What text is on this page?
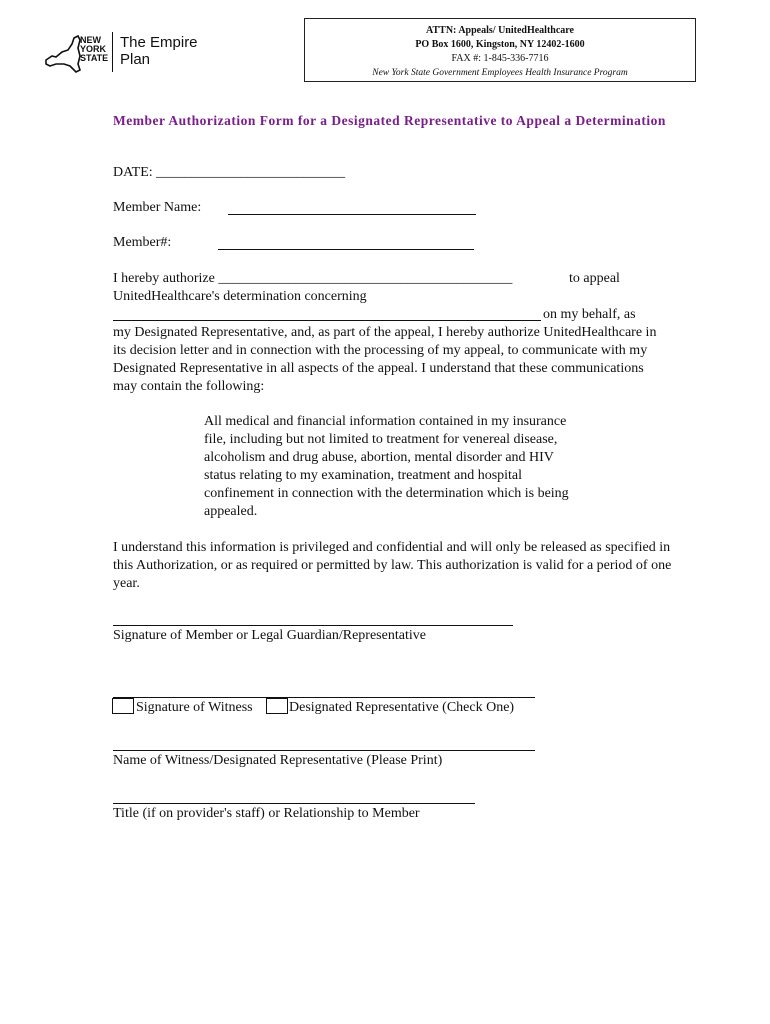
NEW
YORK
STATE
The Empire
Plan
ATTN: Appeals/ UnitedHealthcare
PO Box 1600, Kingston, NY 12402-1600
FAX #: 1-845-336-7716
New York State Government Employees Health Insurance Program
Member Authorization Form for a Designated Representative to Appeal a Determination
DATE: ___________________________
Member Name:
Member#:
I hereby authorize __________________________________________	to appeal
UnitedHealthcare's determination concerning
on my behalf, as
my Designated Representative, and, as part of the appeal, I hereby authorize UnitedHealthcare in its decision letter and in connection with the processing of my appeal, to communicate with my Designated Representative in all aspects of the appeal. I understand that these communications may contain the following:
All medical and financial information contained in my insurance file, including but not limited to treatment for venereal disease, alcoholism and drug abuse, abortion, mental disorder and HIV status relating to my examination, treatment and hospital confinement in connection with the determination which is being appealed.
I understand this information is privileged and confidential and will only be released as specified in this Authorization, or as required or permitted by law. This authorization is valid for a period of one year.
Signature of Member or Legal Guardian/Representative
Signature of Witness	Designated Representative (Check One)
Name of Witness/Designated Representative (Please Print)
Title (if on provider's staff) or Relationship to Member
